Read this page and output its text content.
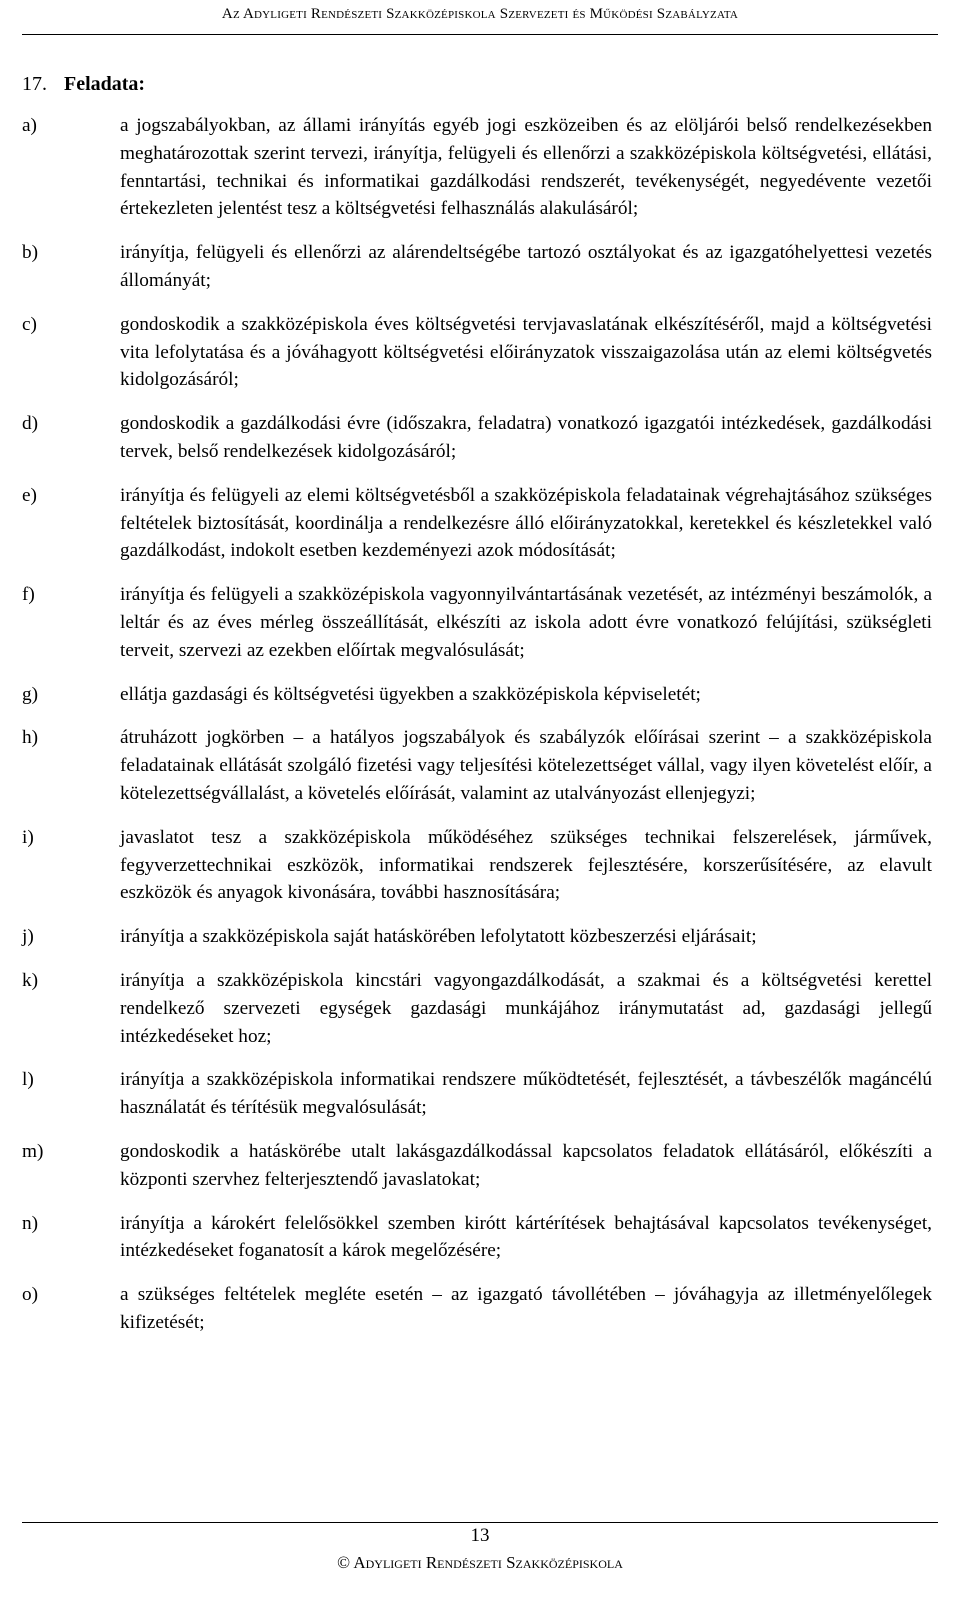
Az Adyligeti Rendészeti Szakközépiskola Szervezeti és Működési Szabályzata
17. Feladata:
a)	a jogszabályokban, az állami irányítás egyéb jogi eszközeiben és az elöljárói belső rendelkezésekben meghatározottak szerint tervezi, irányítja, felügyeli és ellenőrzi a szakközépiskola költségvetési, ellátási, fenntartási, technikai és informatikai gazdálkodási rendszerét, tevékenységét, negyedévente vezetői értekezleten jelentést tesz a költségvetési felhasználás alakulásáról;
b)	irányítja, felügyeli és ellenőrzi az alárendeltségébe tartozó osztályokat és az igazgatóhelyettesi vezetés állományát;
c)	gondoskodik a szakközépiskola éves költségvetési tervjavaslatának elkészítéséről, majd a költségvetési vita lefolytatása és a jóváhagyott költségvetési előirányzatok visszaigazolása után az elemi költségvetés kidolgozásáról;
d)	gondoskodik a gazdálkodási évre (időszakra, feladatra) vonatkozó igazgatói intézkedések, gazdálkodási tervek, belső rendelkezések kidolgozásáról;
e)	irányítja és felügyeli az elemi költségvetésből a szakközépiskola feladatainak végrehajtásához szükséges feltételek biztosítását, koordinálja a rendelkezésre álló előirányzatokkal, keretekkel és készletekkel való gazdálkodást, indokolt esetben kezdeményezi azok módosítását;
f)	irányítja és felügyeli a szakközépiskola vagyonnyilvántartásának vezetését, az intézményi beszámolók, a leltár és az éves mérleg összeállítását, elkészíti az iskola adott évre vonatkozó felújítási, szükségleti terveit, szervezi az ezekben előírtak megvalósulását;
g)	ellátja gazdasági és költségvetési ügyekben a szakközépiskola képviseletét;
h)	átruházott jogkörben – a hatályos jogszabályok és szabályzók előírásai szerint – a szakközépiskola feladatainak ellátását szolgáló fizetési vagy teljesítési kötelezettséget vállal, vagy ilyen követelést előír, a kötelezettségvállalást, a követelés előírását, valamint az utalványozást ellenjegyzi;
i)	javaslatot tesz a szakközépiskola működéséhez szükséges technikai felszerelések, járművek, fegyverzettechnikai eszközök, informatikai rendszerek fejlesztésére, korszerűsítésére, az elavult eszközök és anyagok kivonására, további hasznosítására;
j)	irányítja a szakközépiskola saját hatáskörében lefolytatott közbeszerzési eljárásait;
k)	irányítja a szakközépiskola kincstári vagyongazdálkodását, a szakmai és a költségvetési kerettel rendelkező szervezeti egységek gazdasági munkájához iránymutatást ad, gazdasági jellegű intézkedéseket hoz;
l)	irányítja a szakközépiskola informatikai rendszere működtetését, fejlesztését, a távbeszélők magáncélú használatát és térítésük megvalósulását;
m)	gondoskodik a hatáskörébe utalt lakásgazdálkodással kapcsolatos feladatok ellátásáról, előkészíti a központi szervhez felterjesztendő javaslatokat;
n)	irányítja a károkért felelősökkel szemben kirótt kártérítések behajtásával kapcsolatos tevékenységet, intézkedéseket foganatosít a károk megelőzésére;
o)	a szükséges feltételek megléte esetén – az igazgató távollétében – jóváhagyja az illetményelőlegek kifizetését;
13
© Adyligeti Rendészeti Szakközépiskola
